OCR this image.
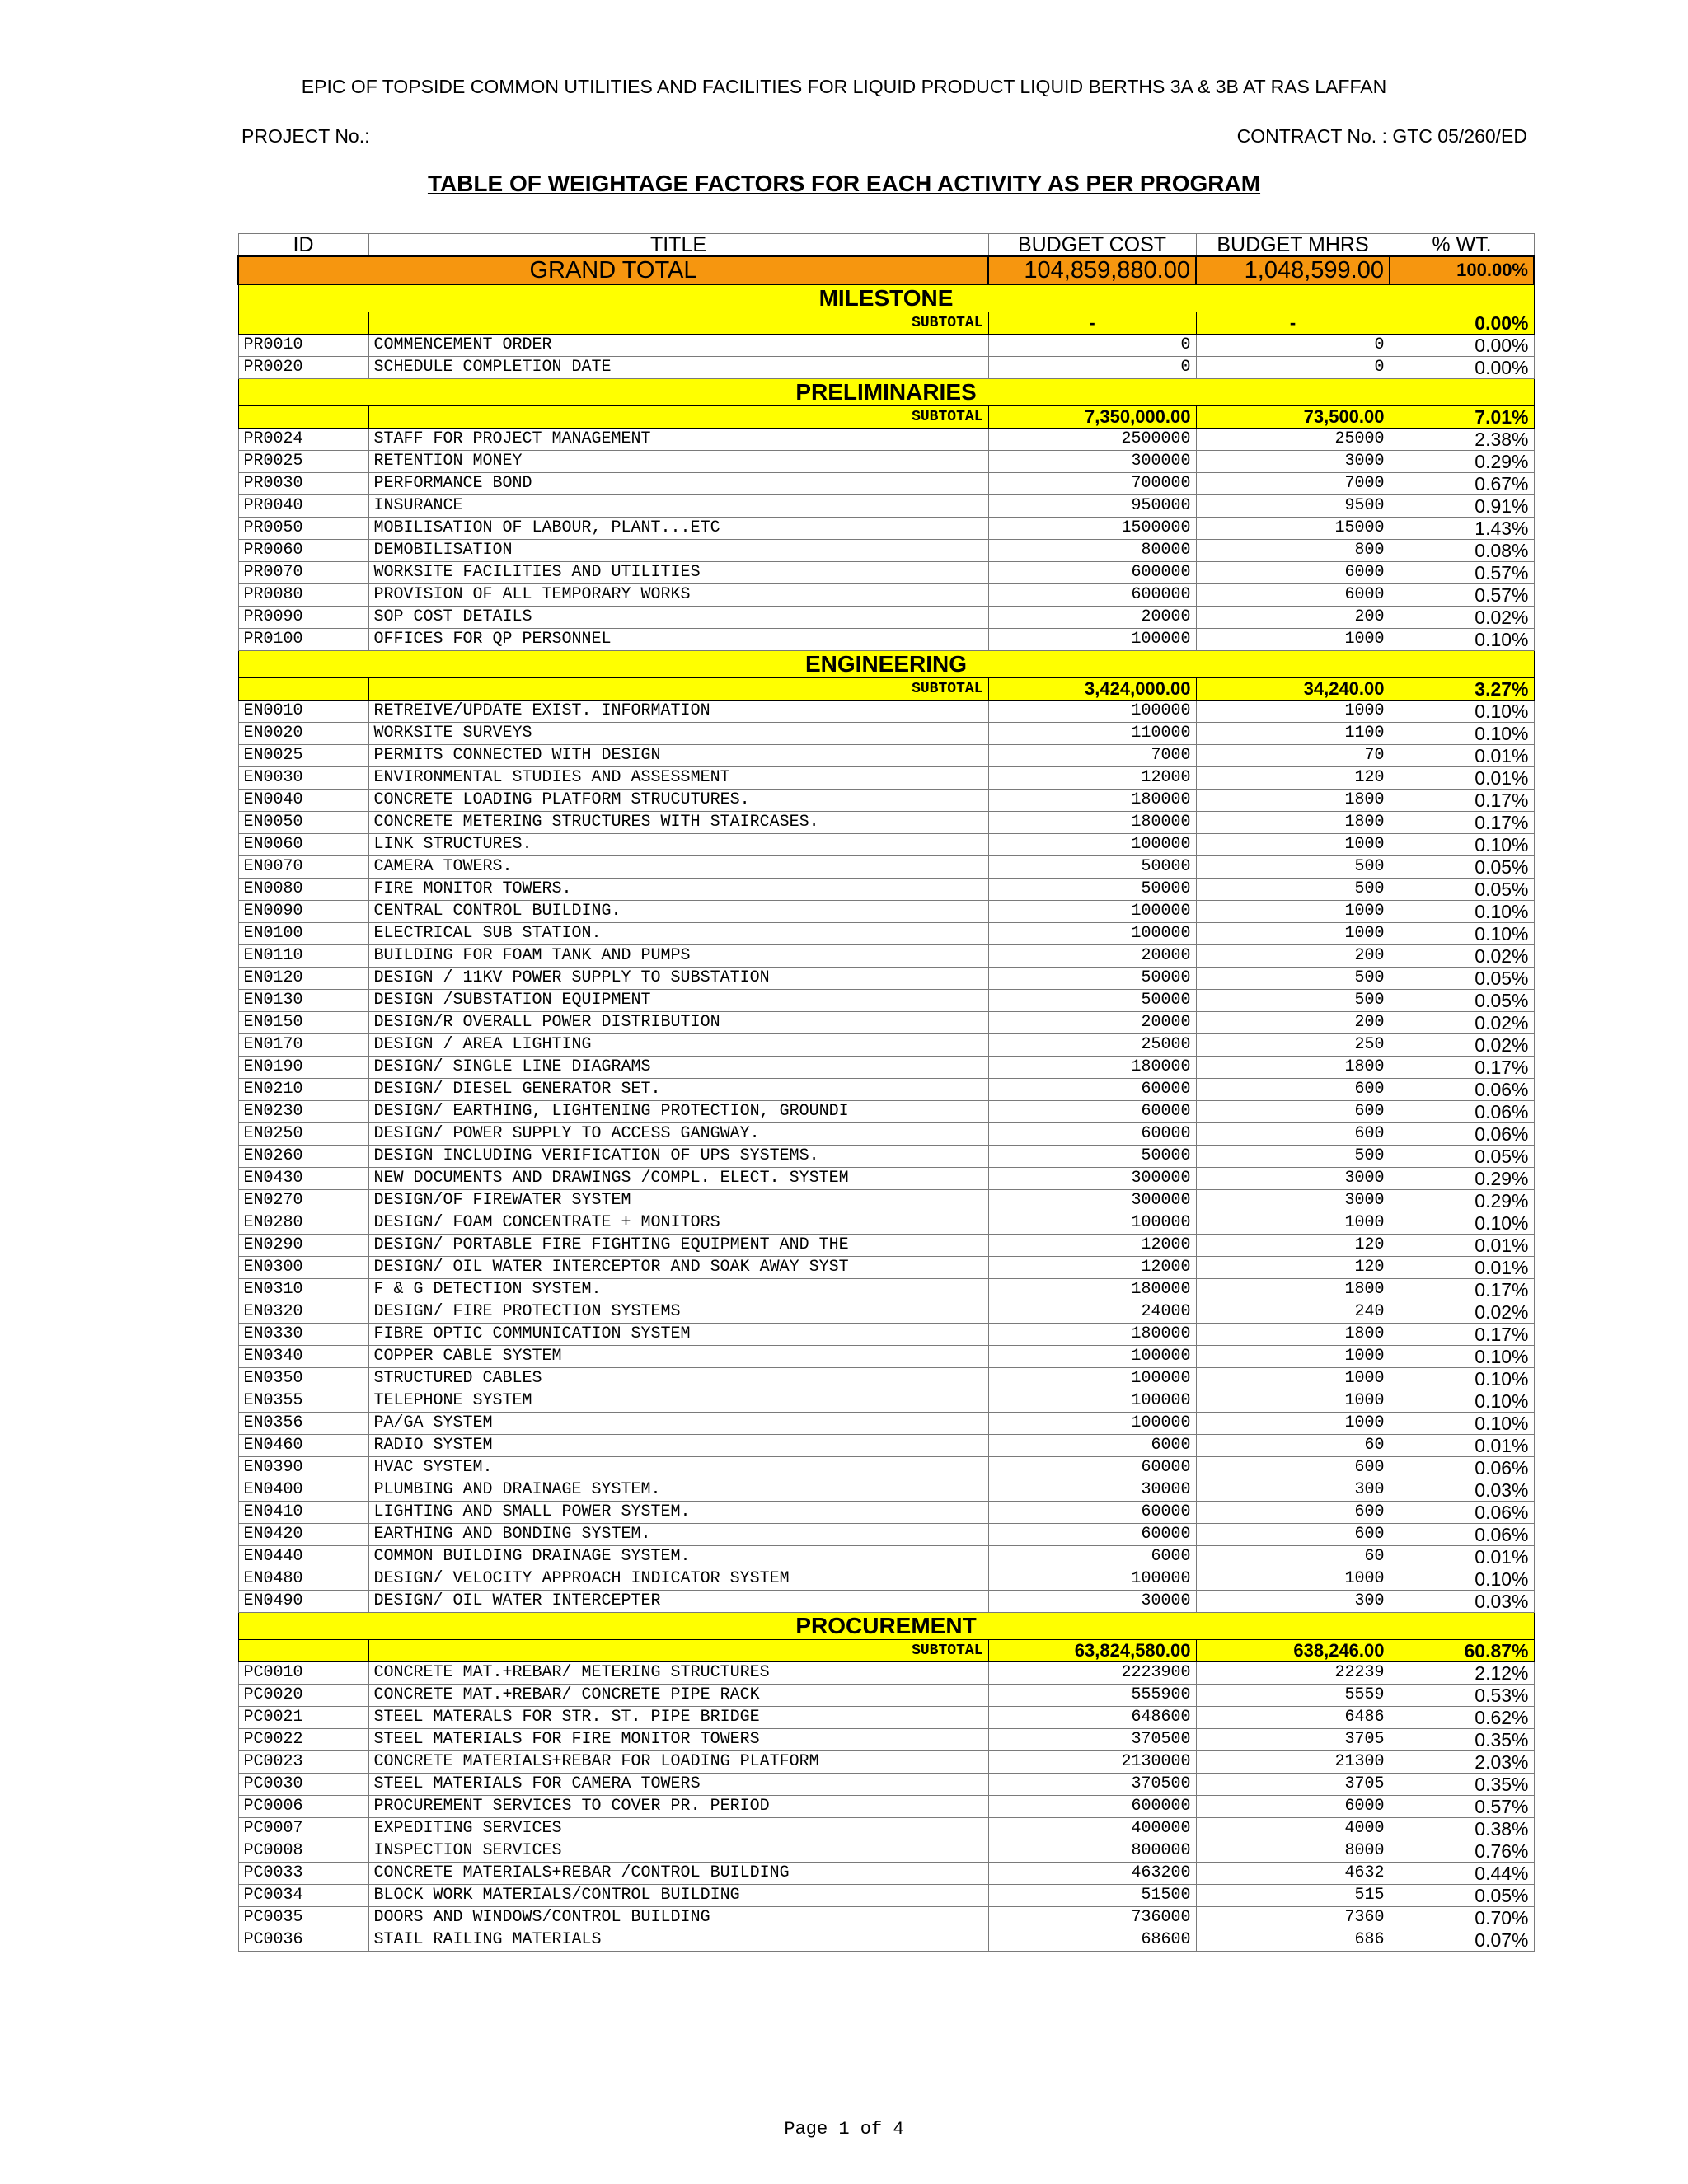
EPIC OF TOPSIDE COMMON UTILITIES AND FACILITIES FOR LIQUID PRODUCT LIQUID BERTHS 3A & 3B AT RAS LAFFAN
PROJECT No.:	CONTRACT No. : GTC 05/260/ED
TABLE OF WEIGHTAGE FACTORS FOR EACH ACTIVITY AS PER PROGRAM
ID	TITLE	BUDGET COST	BUDGET MHRS	% WT.
GRAND TOTAL		104,859,880.00	1,048,599.00	100.00%
MILESTONE				
	SUBTOTAL	-	-	0.00%
PR0010	COMMENCEMENT ORDER	0	0	0.00%
PR0020	SCHEDULE COMPLETION DATE	0	0	0.00%
PRELIMINARIES				
	SUBTOTAL	7,350,000.00	73,500.00	7.01%
PR0024	STAFF FOR PROJECT MANAGEMENT	2500000	25000	2.38%
PR0025	RETENTION MONEY	300000	3000	0.29%
PR0030	PERFORMANCE BOND	700000	7000	0.67%
PR0040	INSURANCE	950000	9500	0.91%
PR0050	MOBILISATION OF LABOUR, PLANT...ETC	1500000	15000	1.43%
PR0060	DEMOBILISATION	80000	800	0.08%
PR0070	WORKSITE FACILITIES AND UTILITIES	600000	6000	0.57%
PR0080	PROVISION OF ALL TEMPORARY WORKS	600000	6000	0.57%
PR0090	SOP COST DETAILS	20000	200	0.02%
PR0100	OFFICES FOR QP PERSONNEL	100000	1000	0.10%
ENGINEERING				
	SUBTOTAL	3,424,000.00	34,240.00	3.27%
EN0010	RETREIVE/UPDATE EXIST. INFORMATION	100000	1000	0.10%
EN0020	WORKSITE SURVEYS	110000	1100	0.10%
EN0025	PERMITS CONNECTED WITH DESIGN	7000	70	0.01%
EN0030	ENVIRONMENTAL STUDIES AND ASSESSMENT	12000	120	0.01%
EN0040	CONCRETE LOADING PLATFORM STRUCUTURES.	180000	1800	0.17%
EN0050	CONCRETE METERING STRUCTURES WITH STAIRCASES.	180000	1800	0.17%
EN0060	LINK STRUCTURES.	100000	1000	0.10%
EN0070	CAMERA TOWERS.	50000	500	0.05%
EN0080	FIRE MONITOR TOWERS.	50000	500	0.05%
EN0090	CENTRAL CONTROL BUILDING.	100000	1000	0.10%
EN0100	ELECTRICAL SUB STATION.	100000	1000	0.10%
EN0110	BUILDING FOR FOAM TANK AND PUMPS	20000	200	0.02%
EN0120	DESIGN / 11KV POWER SUPPLY TO SUBSTATION	50000	500	0.05%
EN0130	DESIGN /SUBSTATION EQUIPMENT	50000	500	0.05%
EN0150	DESIGN/R OVERALL POWER DISTRIBUTION	20000	200	0.02%
EN0170	DESIGN / AREA LIGHTING	25000	250	0.02%
EN0190	DESIGN/ SINGLE LINE DIAGRAMS	180000	1800	0.17%
EN0210	DESIGN/ DIESEL GENERATOR SET.	60000	600	0.06%
EN0230	DESIGN/ EARTHING, LIGHTENING PROTECTION, GROUNDI	60000	600	0.06%
EN0250	DESIGN/ POWER SUPPLY TO ACCESS GANGWAY.	60000	600	0.06%
EN0260	DESIGN INCLUDING VERIFICATION OF UPS SYSTEMS.	50000	500	0.05%
EN0430	NEW DOCUMENTS AND DRAWINGS /COMPL. ELECT. SYSTEM	300000	3000	0.29%
EN0270	DESIGN/OF FIREWATER SYSTEM	300000	3000	0.29%
EN0280	DESIGN/ FOAM CONCENTRATE + MONITORS	100000	1000	0.10%
EN0290	DESIGN/ PORTABLE FIRE FIGHTING EQUIPMENT AND THE	12000	120	0.01%
EN0300	DESIGN/ OIL WATER INTERCEPTOR AND SOAK AWAY SYST	12000	120	0.01%
EN0310	F & G DETECTION SYSTEM.	180000	1800	0.17%
EN0320	DESIGN/ FIRE PROTECTION SYSTEMS	24000	240	0.02%
EN0330	FIBRE OPTIC COMMUNICATION SYSTEM	180000	1800	0.17%
EN0340	COPPER CABLE SYSTEM	100000	1000	0.10%
EN0350	STRUCTURED CABLES	100000	1000	0.10%
EN0355	TELEPHONE SYSTEM	100000	1000	0.10%
EN0356	PA/GA SYSTEM	100000	1000	0.10%
EN0460	RADIO SYSTEM	6000	60	0.01%
EN0390	HVAC SYSTEM.	60000	600	0.06%
EN0400	PLUMBING AND DRAINAGE SYSTEM.	30000	300	0.03%
EN0410	LIGHTING AND SMALL POWER SYSTEM.	60000	600	0.06%
EN0420	EARTHING AND BONDING SYSTEM.	60000	600	0.06%
EN0440	COMMON BUILDING DRAINAGE SYSTEM.	6000	60	0.01%
EN0480	DESIGN/ VELOCITY APPROACH INDICATOR SYSTEM	100000	1000	0.10%
EN0490	DESIGN/ OIL WATER INTERCEPTER	30000	300	0.03%
PROCUREMENT				
	SUBTOTAL	63,824,580.00	638,246.00	60.87%
PC0010	CONCRETE MAT.+REBAR/ METERING STRUCTURES	2223900	22239	2.12%
PC0020	CONCRETE MAT.+REBAR/ CONCRETE PIPE RACK	555900	5559	0.53%
PC0021	STEEL MATERALS FOR STR. ST. PIPE BRIDGE	648600	6486	0.62%
PC0022	STEEL MATERIALS FOR FIRE MONITOR TOWERS	370500	3705	0.35%
PC0023	CONCRETE MATERIALS+REBAR FOR LOADING PLATFORM	2130000	21300	2.03%
PC0030	STEEL MATERIALS FOR CAMERA TOWERS	370500	3705	0.35%
PC0006	PROCUREMENT SERVICES TO COVER PR. PERIOD	600000	6000	0.57%
PC0007	EXPEDITING SERVICES	400000	4000	0.38%
PC0008	INSPECTION SERVICES	800000	8000	0.76%
PC0033	CONCRETE MATERIALS+REBAR /CONTROL BUILDING	463200	4632	0.44%
PC0034	BLOCK WORK MATERIALS/CONTROL BUILDING	51500	515	0.05%
PC0035	DOORS AND WINDOWS/CONTROL BUILDING	736000	7360	0.70%
PC0036	STAIL RAILING MATERIALS	68600	686	0.07%
Page 1 of 4
